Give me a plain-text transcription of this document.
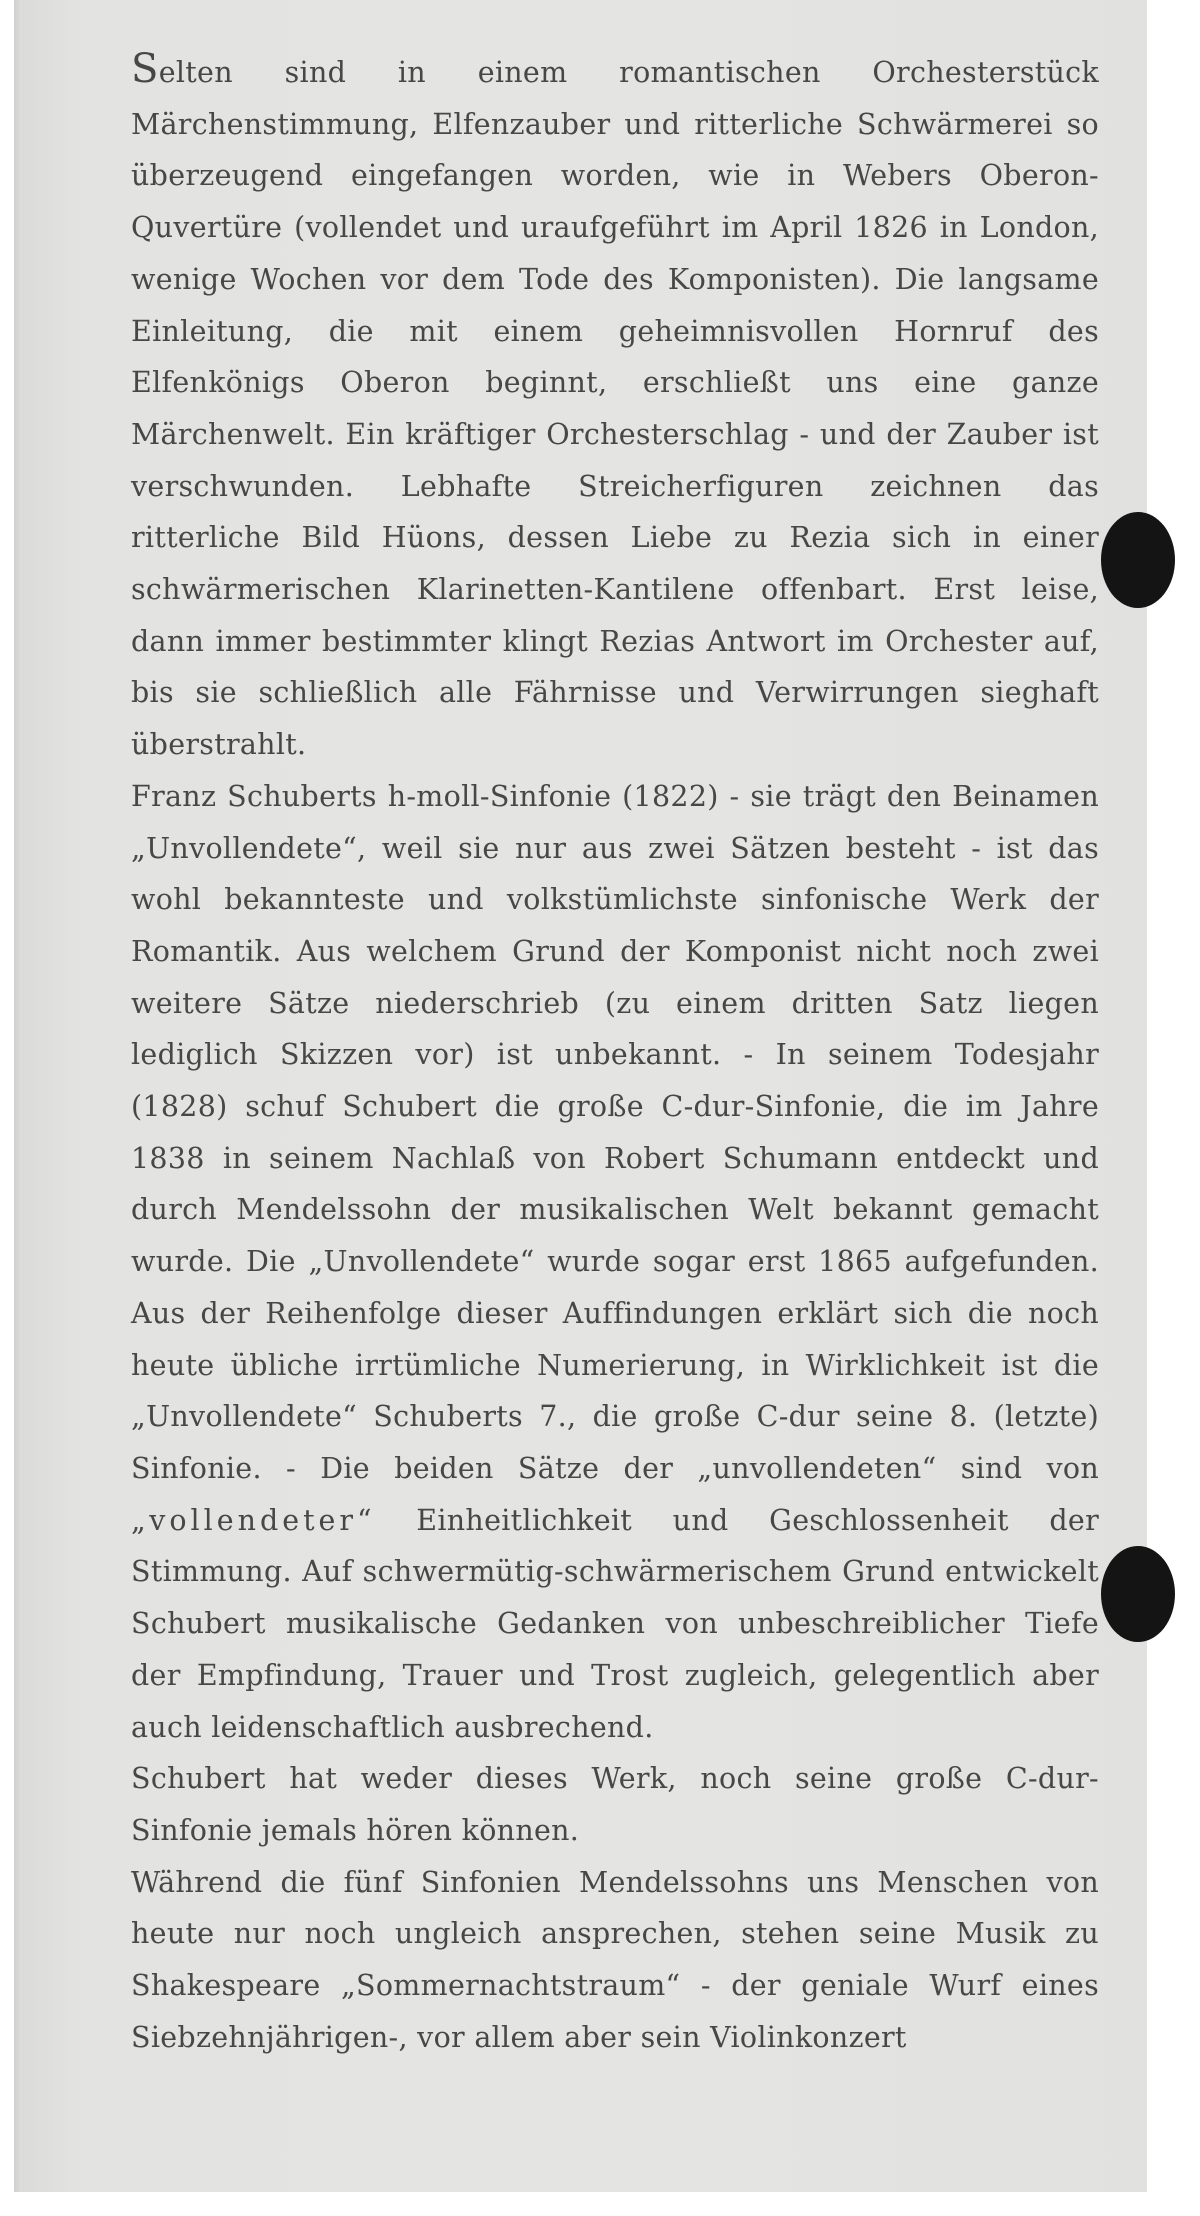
Selten sind in einem romantischen Orchesterstück Märchenstimmung, Elfenzauber und ritterliche Schwärmerei so überzeugend eingefangen worden, wie in Webers Oberon-Quvertüre (vollendet und uraufgeführt im April 1826 in London, wenige Wochen vor dem Tode des Komponisten). Die langsame Einleitung, die mit einem geheimnisvollen Hornruf des Elfenkönigs Oberon beginnt, erschließt uns eine ganze Märchenwelt. Ein kräftiger Orchesterschlag - und der Zauber ist verschwunden. Lebhafte Streicherfiguren zeichnen das ritterliche Bild Hüons, dessen Liebe zu Rezia sich in einer schwärmerischen Klarinetten-Kantilene offenbart. Erst leise, dann immer bestimmter klingt Rezias Antwort im Orchester auf, bis sie schließlich alle Fährnisse und Verwirrungen sieghaft überstrahlt.

Franz Schuberts h-moll-Sinfonie (1822) - sie trägt den Beinamen „Unvollendete“, weil sie nur aus zwei Sätzen besteht - ist das wohl bekannteste und volkstümlichste sinfonische Werk der Romantik. Aus welchem Grund der Komponist nicht noch zwei weitere Sätze niederschrieb (zu einem dritten Satz liegen lediglich Skizzen vor) ist unbekannt. - In seinem Todesjahr (1828) schuf Schubert die große C-dur-Sinfonie, die im Jahre 1838 in seinem Nachlaß von Robert Schumann entdeckt und durch Mendelssohn der musikalischen Welt bekannt gemacht wurde. Die „Unvollendete“ wurde sogar erst 1865 aufgefunden. Aus der Reihenfolge dieser Auffindungen erklärt sich die noch heute übliche irrtümliche Numerierung, in Wirklichkeit ist die „Unvollendete“ Schuberts 7., die große C-dur seine 8. (letzte) Sinfonie. - Die beiden Sätze der „unvollendeten“ sind von „vollendeter“ Einheitlichkeit und Geschlossenheit der Stimmung. Auf schwermütig-schwärmerischem Grund entwickelt Schubert musikalische Gedanken von unbeschreiblicher Tiefe der Empfindung, Trauer und Trost zugleich, gelegentlich aber auch leidenschaftlich ausbrechend.

Schubert hat weder dieses Werk, noch seine große C-dur-Sinfonie jemals hören können.

Während die fünf Sinfonien Mendelssohns uns Menschen von heute nur noch ungleich ansprechen, stehen seine Musik zu Shakespeare „Sommernachtstraum“ - der geniale Wurf eines Siebzehnjährigen-, vor allem aber sein Violinkonzert
